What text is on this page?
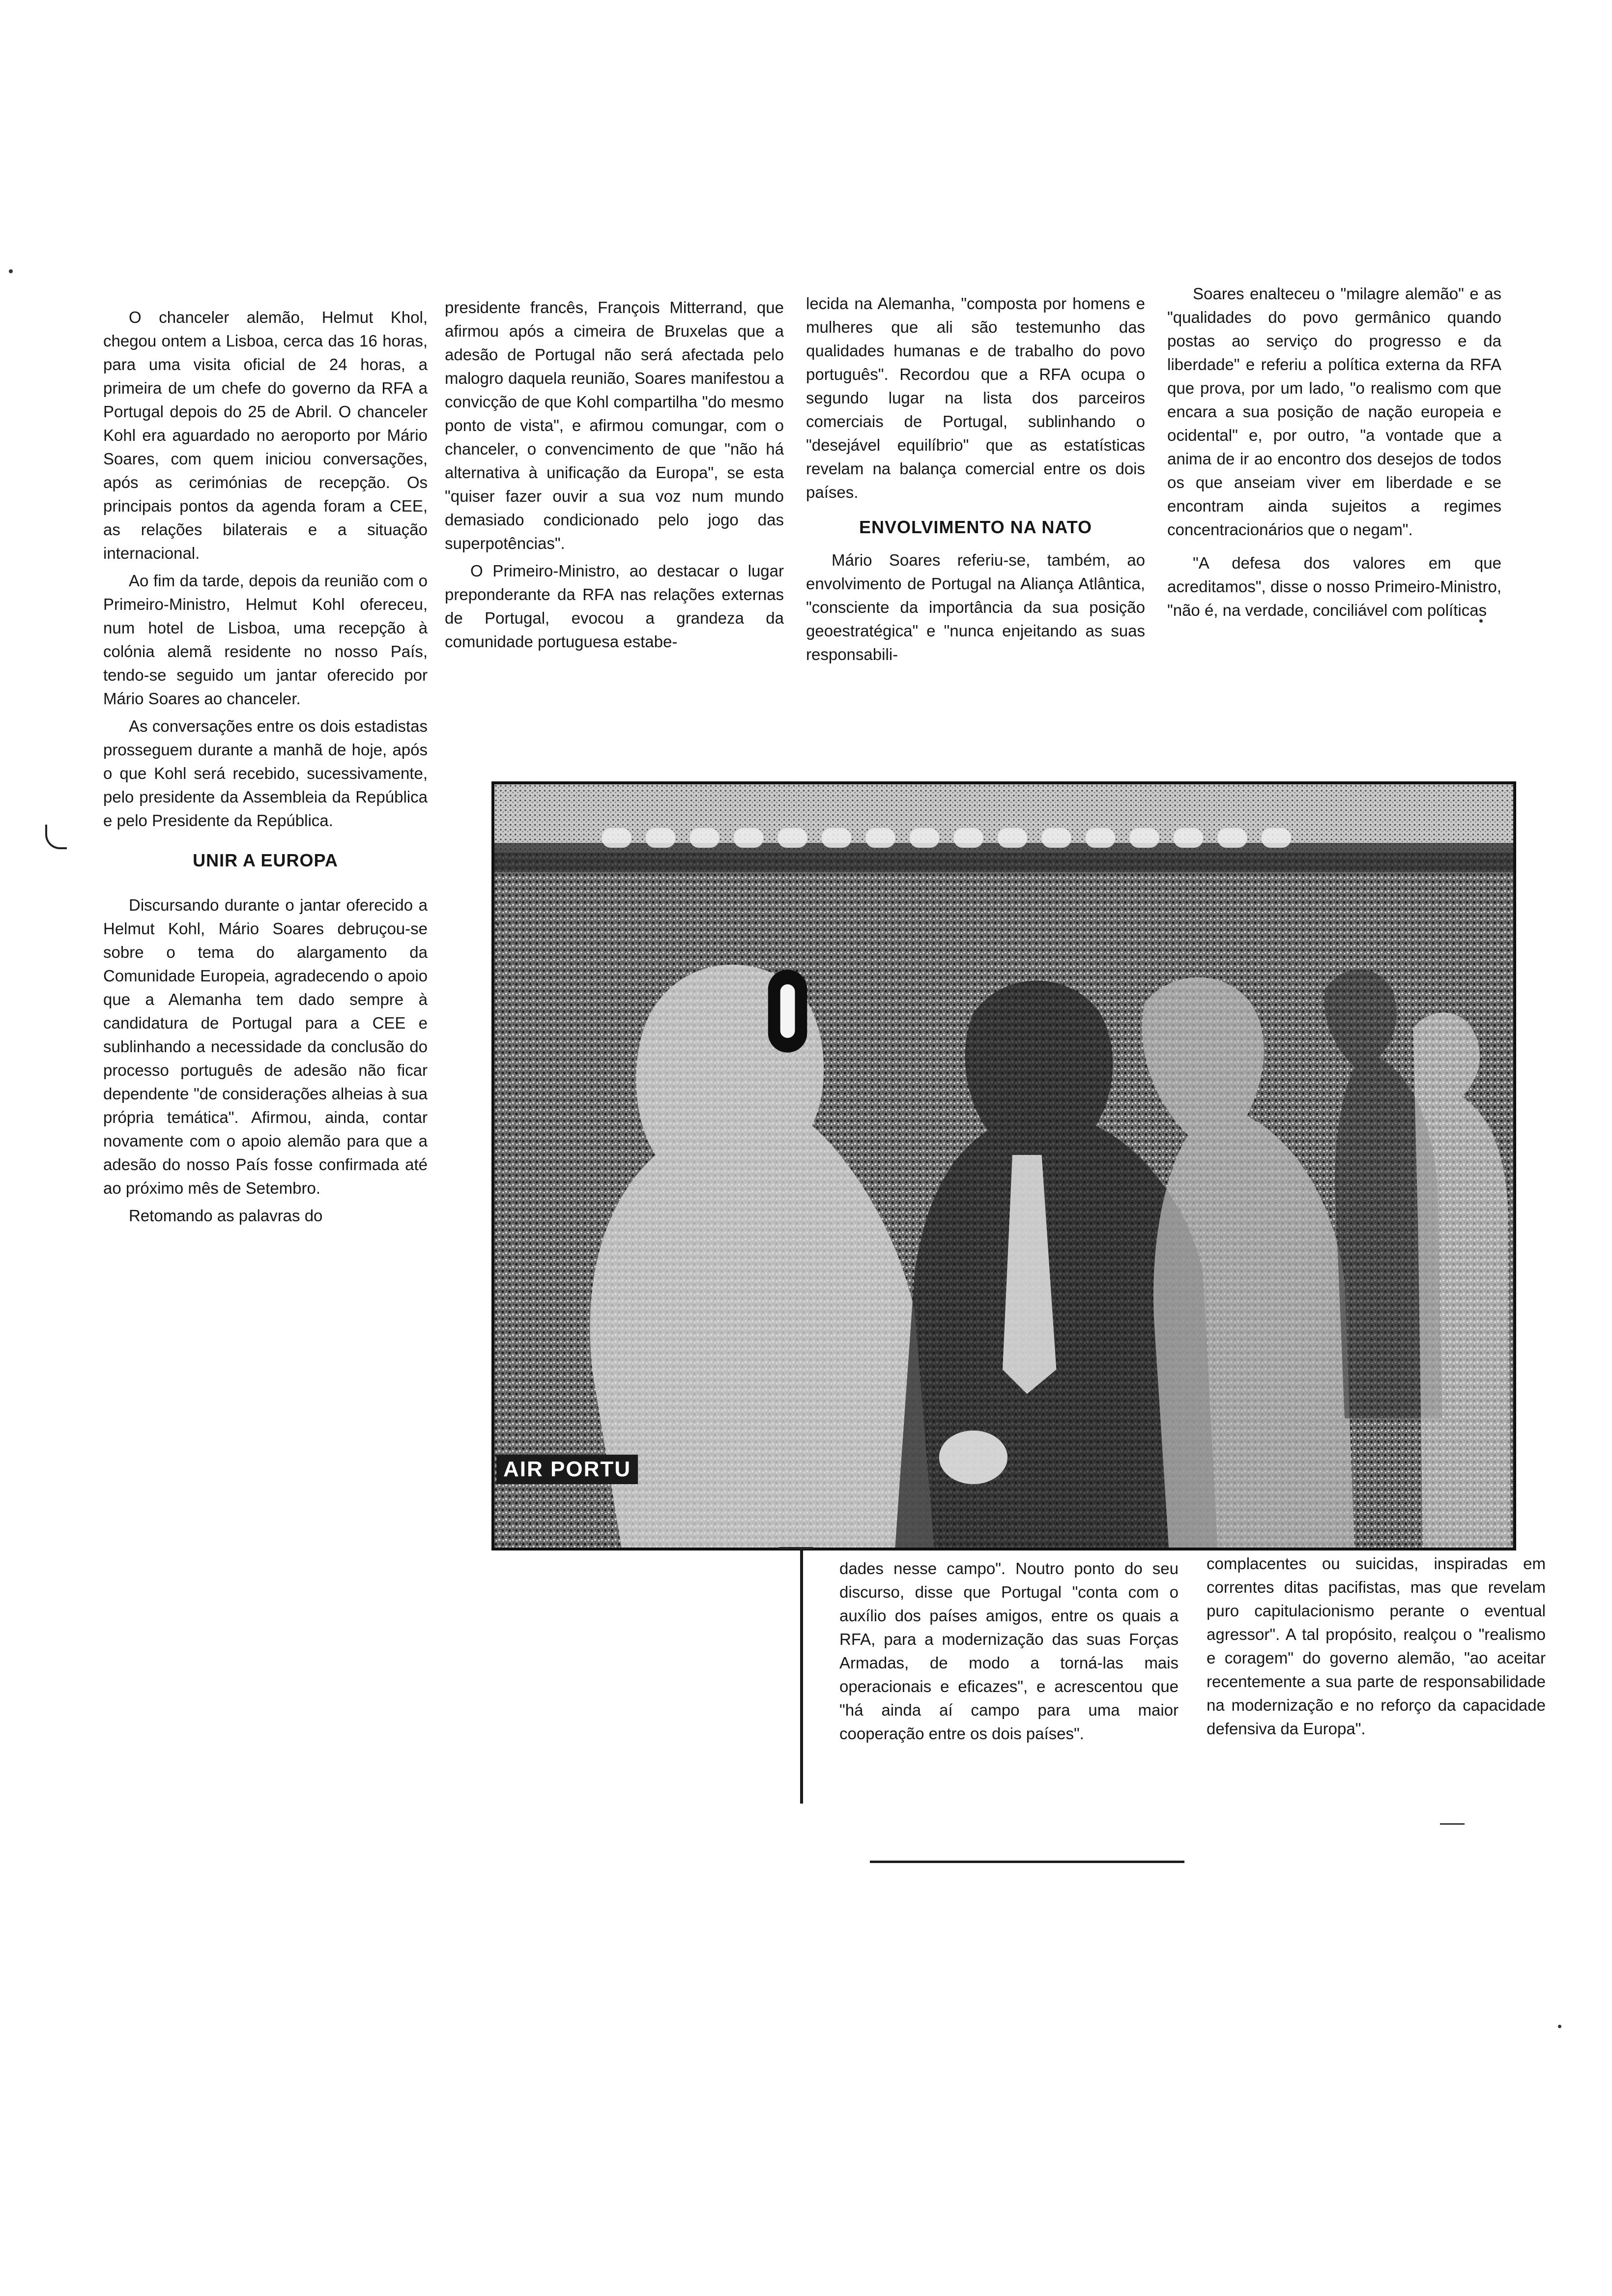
O chanceler alemão, Helmut Khol, chegou ontem a Lisboa, cerca das 16 horas, para uma visita oficial de 24 horas, a primeira de um chefe do governo da RFA a Portugal depois do 25 de Abril. O chanceler Kohl era aguardado no aeroporto por Mário Soares, com quem iniciou conversações, após as cerimónias de recepção. Os principais pontos da agenda foram a CEE, as relações bilaterais e a situação internacional.

Ao fim da tarde, depois da reunião com o Primeiro-Ministro, Helmut Kohl ofereceu, num hotel de Lisboa, uma recepção à colónia alemã residente no nosso País, tendo-se seguido um jantar oferecido por Mário Soares ao chanceler.

As conversações entre os dois estadistas prosseguem durante a manhã de hoje, após o que Kohl será recebido, sucessivamente, pelo presidente da Assembleia da República e pelo Presidente da República.

UNIR A EUROPA

Discursando durante o jantar oferecido a Helmut Kohl, Mário Soares debruçou-se sobre o tema do alargamento da Comunidade Europeia, agradecendo o apoio que a Alemanha tem dado sempre à candidatura de Portugal para a CEE e sublinhando a necessidade da conclusão do processo português de adesão não ficar dependente "de considerações alheias à sua própria temática". Afirmou, ainda, contar novamente com o apoio alemão para que a adesão do nosso País fosse confirmada até ao próximo mês de Setembro.

Retomando as palavras do

presidente francês, François Mitterrand, que afirmou após a cimeira de Bruxelas que a adesão de Portugal não será afectada pelo malogro daquela reunião, Soares manifestou a convicção de que Kohl compartilha "do mesmo ponto de vista", e afirmou comungar, com o chanceler, o convencimento de que "não há alternativa à unificação da Europa", se esta "quiser fazer ouvir a sua voz num mundo demasiado condicionado pelo jogo das superpotências".

O Primeiro-Ministro, ao destacar o lugar preponderante da RFA nas relações externas de Portugal, evocou a grandeza da comunidade portuguesa estabe-

lecida na Alemanha, "composta por homens e mulheres que ali são testemunho das qualidades humanas e de trabalho do povo português". Recordou que a RFA ocupa o segundo lugar na lista dos parceiros comerciais de Portugal, sublinhando o "desejável equilíbrio" que as estatísticas revelam na balança comercial entre os dois países.

ENVOLVIMENTO NA NATO

Mário Soares referiu-se, também, ao envolvimento de Portugal na Aliança Atlântica, "consciente da importância da sua posição geoestratégica" e "nunca enjeitando as suas responsabili-

Soares enalteceu o "milagre alemão" e as "qualidades do povo germânico quando postas ao serviço do progresso e da liberdade" e referiu a política externa da RFA que prova, por um lado, "o realismo com que encara a sua posição de nação europeia e ocidental" e, por outro, "a vontade que a anima de ir ao encontro dos desejos de todos os que anseiam viver em liberdade e se encontram ainda sujeitos a regimes concentracionários que o negam".

"A defesa dos valores em que acreditamos", disse o nosso Primeiro-Ministro, "não é, na verdade, conciliável com políticas

AIR PORTU

dades nesse campo". Noutro ponto do seu discurso, disse que Portugal "conta com o auxílio dos países amigos, entre os quais a RFA, para a modernização das suas Forças Armadas, de modo a torná-las mais operacionais e eficazes", e acrescentou que "há ainda aí campo para uma maior cooperação entre os dois países".

complacentes ou suicidas, inspiradas em correntes ditas pacifistas, mas que revelam puro capitulacionismo perante o eventual agressor". A tal propósito, realçou o "realismo e coragem" do governo alemão, "ao aceitar recentemente a sua parte de responsabilidade na modernização e no reforço da capacidade defensiva da Europa".
